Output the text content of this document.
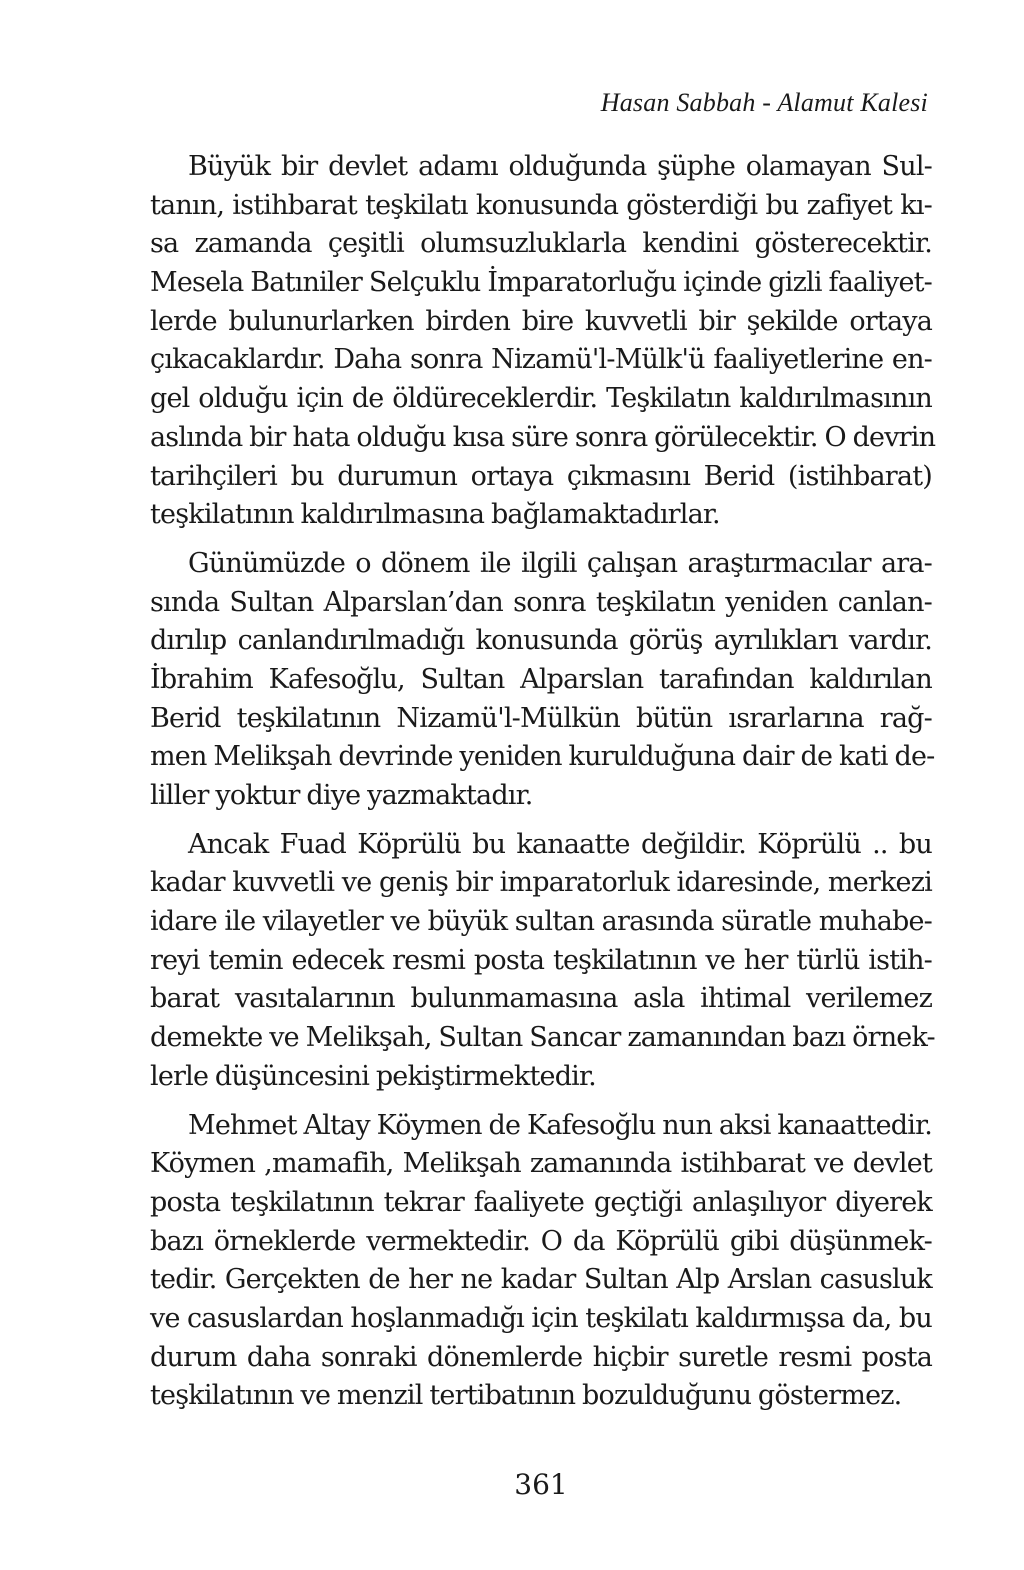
Hasan Sabbah - Alamut Kalesi

Büyük bir devlet adamı olduğunda şüphe olamayan Sul-
tanın, istihbarat teşkilatı konusunda gösterdiği bu zafiyet kı-
sa zamanda çeşitli olumsuzluklarla kendini gösterecektir.
Mesela Batıniler Selçuklu İmparatorluğu içinde gizli faaliyet-
lerde bulunurlarken birden bire kuvvetli bir şekilde ortaya
çıkacaklardır. Daha sonra Nizamü'l-Mülk'ü faaliyetlerine en-
gel olduğu için de öldüreceklerdir. Teşkilatın kaldırılmasının
aslında bir hata olduğu kısa süre sonra görülecektir. O devrin
tarihçileri bu durumun ortaya çıkmasını Berid (istihbarat)
teşkilatının kaldırılmasına bağlamaktadırlar.

Günümüzde o dönem ile ilgili çalışan araştırmacılar ara-
sında Sultan Alparslan’dan sonra teşkilatın yeniden canlan-
dırılıp canlandırılmadığı konusunda görüş ayrılıkları vardır.
İbrahim Kafesoğlu, Sultan Alparslan tarafından kaldırılan
Berid teşkilatının Nizamü'l-Mülkün bütün ısrarlarına rağ-
men Melikşah devrinde yeniden kurulduğuna dair de kati de-
liller yoktur diye yazmaktadır.

Ancak Fuad Köprülü bu kanaatte değildir. Köprülü .. bu
kadar kuvvetli ve geniş bir imparatorluk idaresinde, merkezi
idare ile vilayetler ve büyük sultan arasında süratle muhabe-
reyi temin edecek resmi posta teşkilatının ve her türlü istih-
barat vasıtalarının bulunmamasına asla ihtimal verilemez
demekte ve Melikşah, Sultan Sancar zamanından bazı örnek-
lerle düşüncesini pekiştirmektedir.

Mehmet Altay Köymen de Kafesoğlu nun aksi kanaattedir.
Köymen ,mamafih, Melikşah zamanında istihbarat ve devlet
posta teşkilatının tekrar faaliyete geçtiği anlaşılıyor diyerek
bazı örneklerde vermektedir. O da Köprülü gibi düşünmek-
tedir. Gerçekten de her ne kadar Sultan Alp Arslan casusluk
ve casuslardan hoşlanmadığı için teşkilatı kaldırmışsa da, bu
durum daha sonraki dönemlerde hiçbir suretle resmi posta
teşkilatının ve menzil tertibatının bozulduğunu göstermez.

361
